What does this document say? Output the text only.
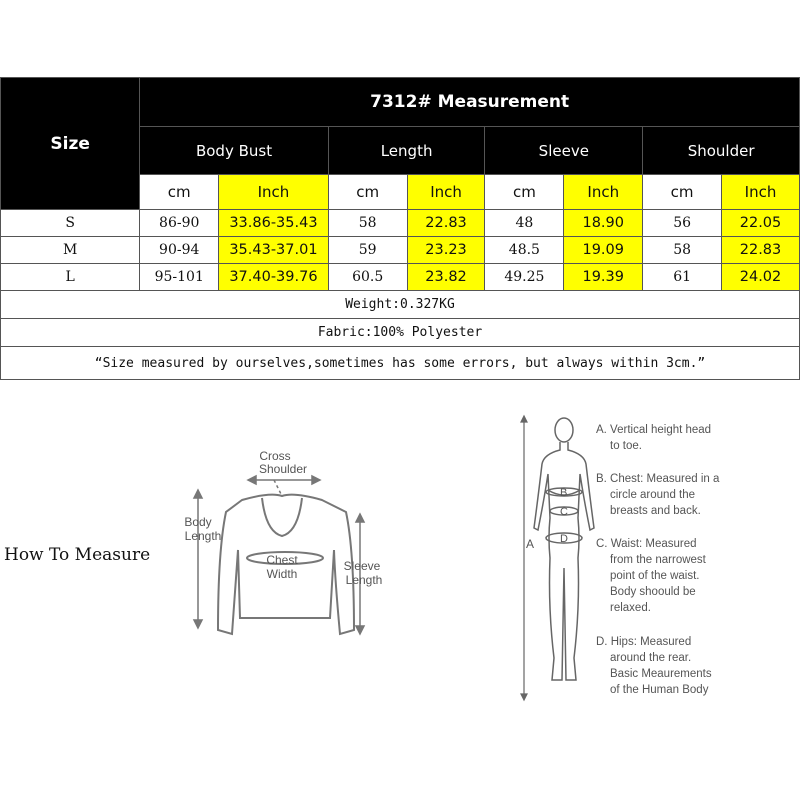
Size	7312# Measurement							
	Body Bust		Length		Sleeve		Shoulder	
	cm	Inch	cm	Inch	cm	Inch	cm	Inch
S	86-90	33.86-35.43	58	22.83	48	18.90	56	22.05
M	90-94	35.43-37.01	59	23.23	48.5	19.09	58	22.83
L	95-101	37.40-39.76	60.5	23.82	49.25	19.39	61	24.02
Weight:0.327KG								
Fabric:100% Polyester								
“Size measured by ourselves,sometimes has some errors, but always within 3cm.”								
How To Measure
Cross
Shoulder
Body
Length
Chest
Width
Sleeve
Length
A
B
C
D
A. Vertical height head
to toe.
B. Chest: Measured in a
circle around the
breasts and back.
C. Waist: Measured
from the narrowest
point of the waist.
Body shoould be
relaxed.
D. Hips: Measured
around the rear.
Basic Meaurements
of the Human Body
